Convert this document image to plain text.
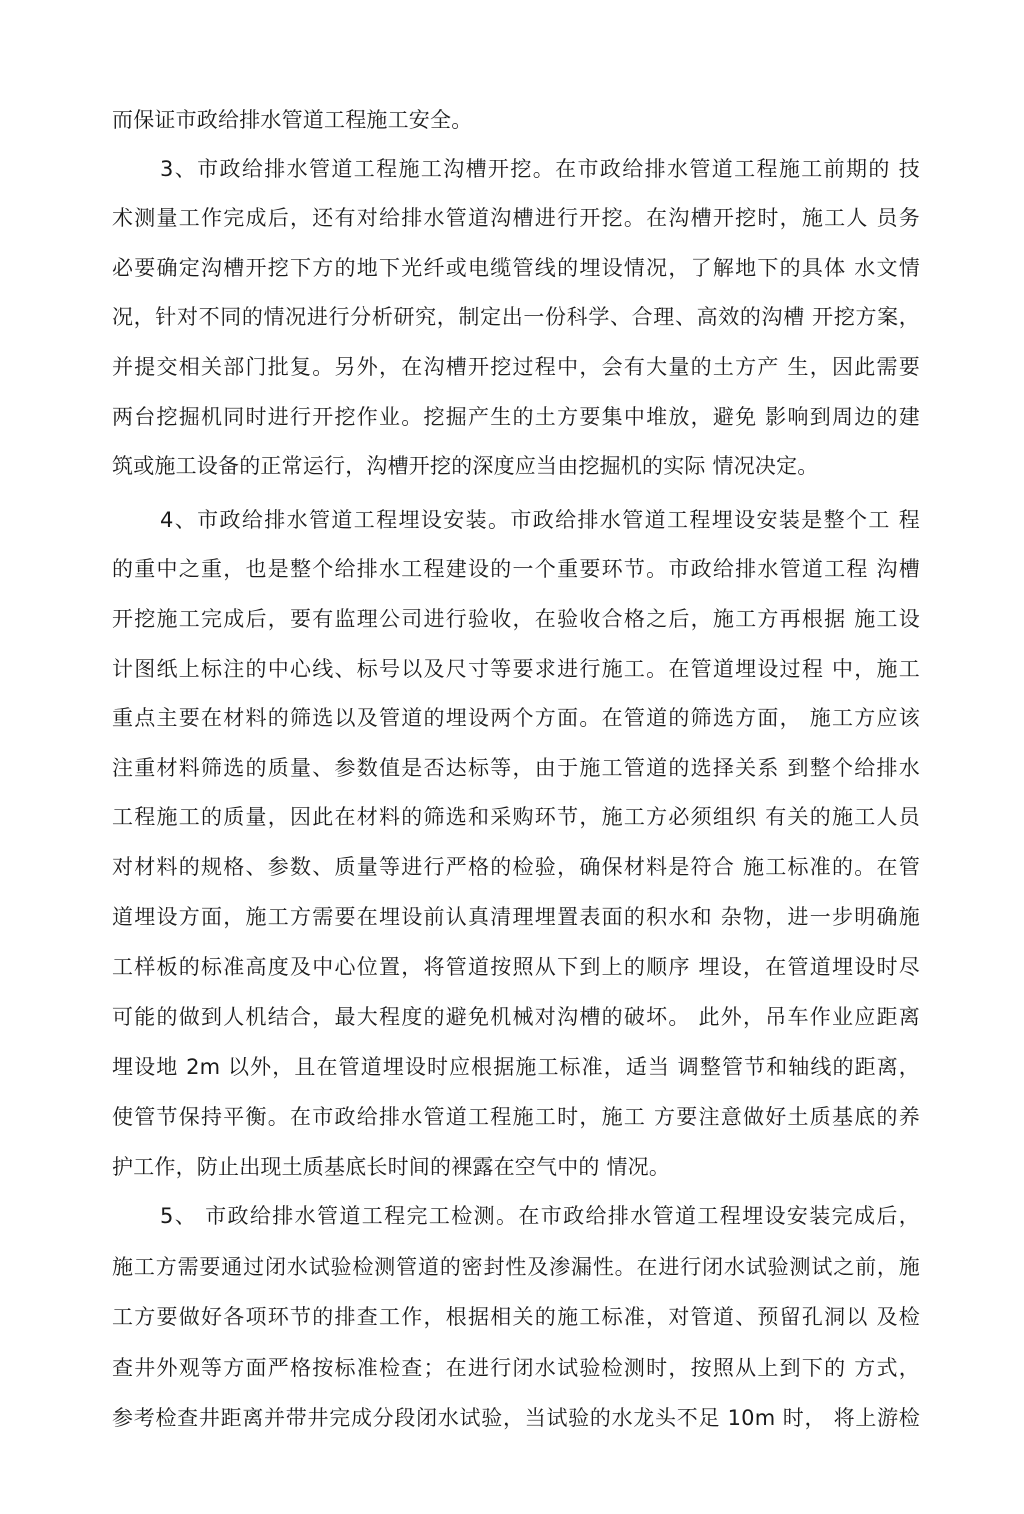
而保证市政给排水管道工程施工安全。
3、市政给排水管道工程施工沟槽开挖。在市政给排水管道工程施工前期的 技
术测量工作完成后，还有对给排水管道沟槽进行开挖。在沟槽开挖时，施工人 员务
必要确定沟槽开挖下方的地下光纤或电缆管线的埋设情况，了解地下的具体 水文情
况，针对不同的情况进行分析研究，制定出一份科学、合理、高效的沟槽 开挖方案，
并提交相关部门批复。另外，在沟槽开挖过程中，会有大量的土方产 生，因此需要
两台挖掘机同时进行开挖作业。挖掘产生的土方要集中堆放，避免 影响到周边的建
筑或施工设备的正常运行，沟槽开挖的深度应当由挖掘机的实际 情况决定。
4、市政给排水管道工程埋设安装。市政给排水管道工程埋设安装是整个工 程
的重中之重，也是整个给排水工程建设的一个重要环节。市政给排水管道工程 沟槽
开挖施工完成后，要有监理公司进行验收，在验收合格之后，施工方再根据 施工设
计图纸上标注的中心线、标号以及尺寸等要求进行施工。在管道埋设过程 中，施工
重点主要在材料的筛选以及管道的埋设两个方面。在管道的筛选方面， 施工方应该
注重材料筛选的质量、参数值是否达标等，由于施工管道的选择关系 到整个给排水
工程施工的质量，因此在材料的筛选和采购环节，施工方必须组织 有关的施工人员
对材料的规格、参数、质量等进行严格的检验，确保材料是符合 施工标准的。在管
道埋设方面，施工方需要在埋设前认真清理埋置表面的积水和 杂物，进一步明确施
工样板的标准高度及中心位置，将管道按照从下到上的顺序 埋设，在管道埋设时尽
可能的做到人机结合，最大程度的避免机械对沟槽的破坏。 此外，吊车作业应距离
埋设地 2m 以外，且在管道埋设时应根据施工标准，适当 调整管节和轴线的距离，
使管节保持平衡。在市政给排水管道工程施工时，施工 方要注意做好土质基底的养
护工作，防止出现土质基底长时间的裸露在空气中的 情况。
5、 市政给排水管道工程完工检测。在市政给排水管道工程埋设安装完成后，
施工方需要通过闭水试验检测管道的密封性及渗漏性。在进行闭水试验测试之前，施
工方要做好各项环节的排查工作，根据相关的施工标准，对管道、预留孔洞以 及检
查井外观等方面严格按标准检查；在进行闭水试验检测时，按照从上到下的 方式，
参考检查井距离并带井完成分段闭水试验，当试验的水龙头不足 10m 时， 将上游检
